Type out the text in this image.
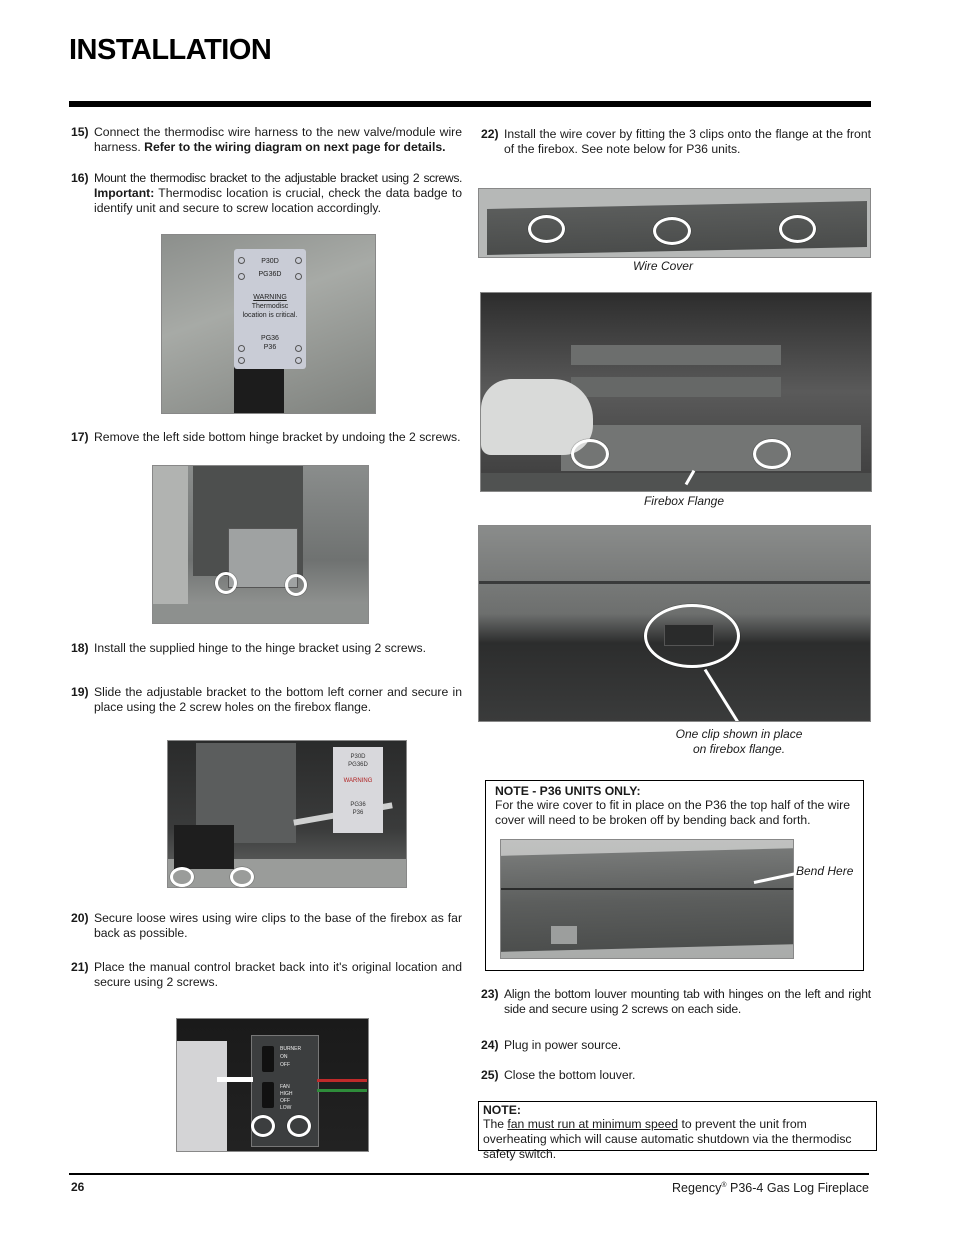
INSTALLATION
15) Connect the thermodisc wire harness to the new valve/module wire harness. Refer to the wiring diagram on next page for details.
16) Mount the thermodisc bracket to the adjustable bracket using 2 screws. Important: Thermodisc location is crucial, check the data badge to identify unit and secure to screw location accordingly.
P30D
PG36D
WARNING
Thermodisc location is critical.
PG36
P36
17) Remove the left side bottom hinge bracket by undoing the 2 screws.
18) Install the supplied hinge to the hinge bracket using 2 screws.
19) Slide the adjustable bracket to the bottom left corner and secure in place using the 2 screw holes on the firebox flange.
P30D
PG36D
WARNING
PG36
P36
20) Secure loose wires using wire clips to the base of the firebox as far back as possible.
21) Place the manual control bracket back into it's original location and secure using 2 screws.
BURNER
ON
OFF
FAN
HIGH
OFF
LOW
22) Install the wire cover by fitting the 3 clips onto the flange at the front of the firebox. See note below for P36 units.
Wire Cover
Firebox Flange
One clip shown in place
on firebox flange.
NOTE - P36 UNITS ONLY:
For the wire cover to fit in place on the P36 the top half of the wire cover will need to be broken off by bending back and forth.
Bend Here
23) Align the bottom louver mounting tab with hinges on the left and right side and secure using 2 screws on each side.
24) Plug in power source.
25) Close the bottom louver.
NOTE:
The fan must run at minimum speed to prevent the unit from overheating which will cause automatic shutdown via the thermodisc safety switch.
26	Regency® P36-4 Gas Log Fireplace
